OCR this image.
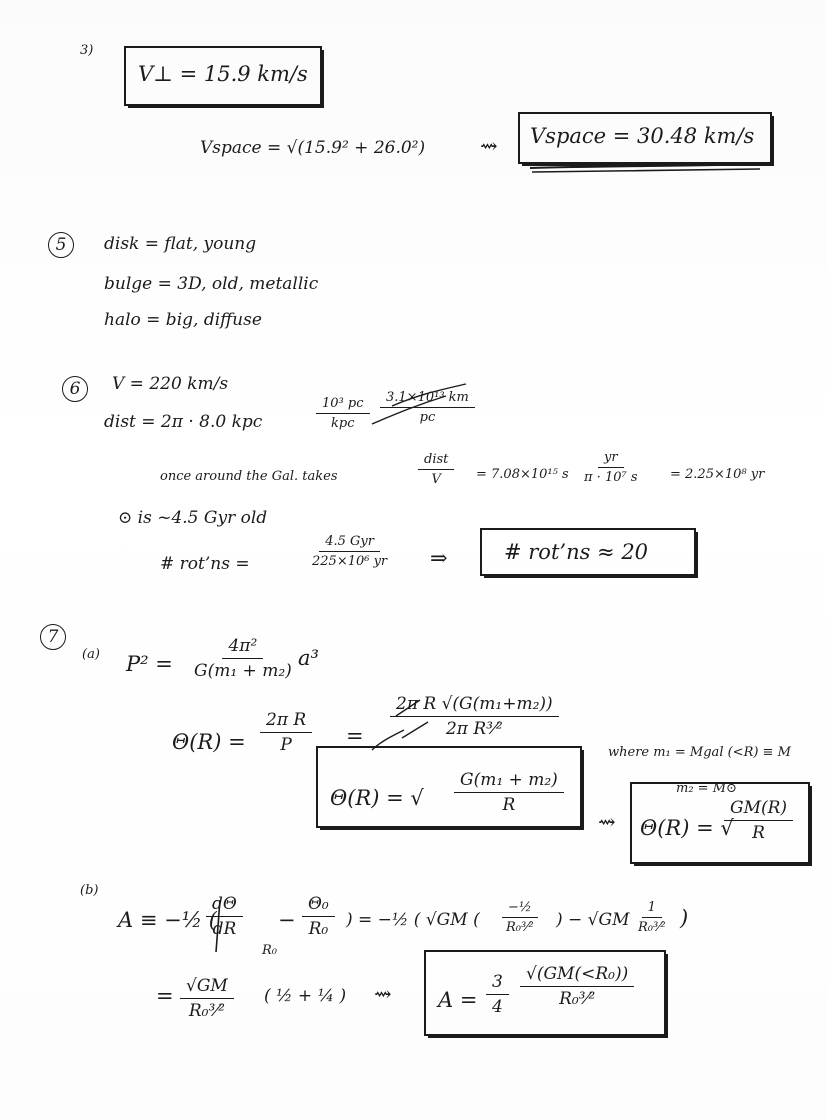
3)
V⊥ = 15.9 km/s
Vspace = √(15.9² + 26.0²)	⇝ Vspace = 30.48 km/s
5	disk = flat, young
bulge = 3D, old, metallic
halo = big, diffuse
6	V = 220 km/s
dist = 2π · 8.0 kpc
10³ pc
kpc	$\frac{\text{3.1×10¹³ km}}{pc}$
once around the Gal. takes
dist
V	= 7.08×10¹⁵ s $\frac{yr}{\text{π · 10⁷ s}} = 2.25\times 10^8$ yr
⊙ is ~4.5 Gyr old
# rot’ns =
4.5 Gyr
225×10⁶ yr ⇒	# rot’ns ≈ 20
7
(a) $P^2 = \frac{\text{4π²}}{\text{G(m₁ + m₂)}} a^3$
$\Theta(R) = \frac{\text{2π R}}{P} = \frac{\text{2π R √(G(m₁+m₂))}}{\text{2π R³⁄²}}$
Θ(R) = √ $\frac{\text{G(m₁ + m₂)}}{R}$
where m₁ = Mgal (<R) ≡ M
m₂ = M⊙
⇝ Θ(R) = √
$\frac{GM(R)}{R}$
(b)
A ≡ −½ (
$\frac{d\Theta}{dR}$
R₀
− $\frac{\text{Θ₀}}{\text{R₀}}$ ) = −½ ( √GM (
−½
R₀³⁄²	) − $√GM \frac{1}{\text{R₀³⁄²}}$ )
= $\frac{√GM}{\text{R₀³⁄²}}$ ( ½ + ¼ ) ⇝ $A = \frac{3}{4} \frac{\text{√(GM(<R₀))}}{\text{R₀³⁄²}}$
